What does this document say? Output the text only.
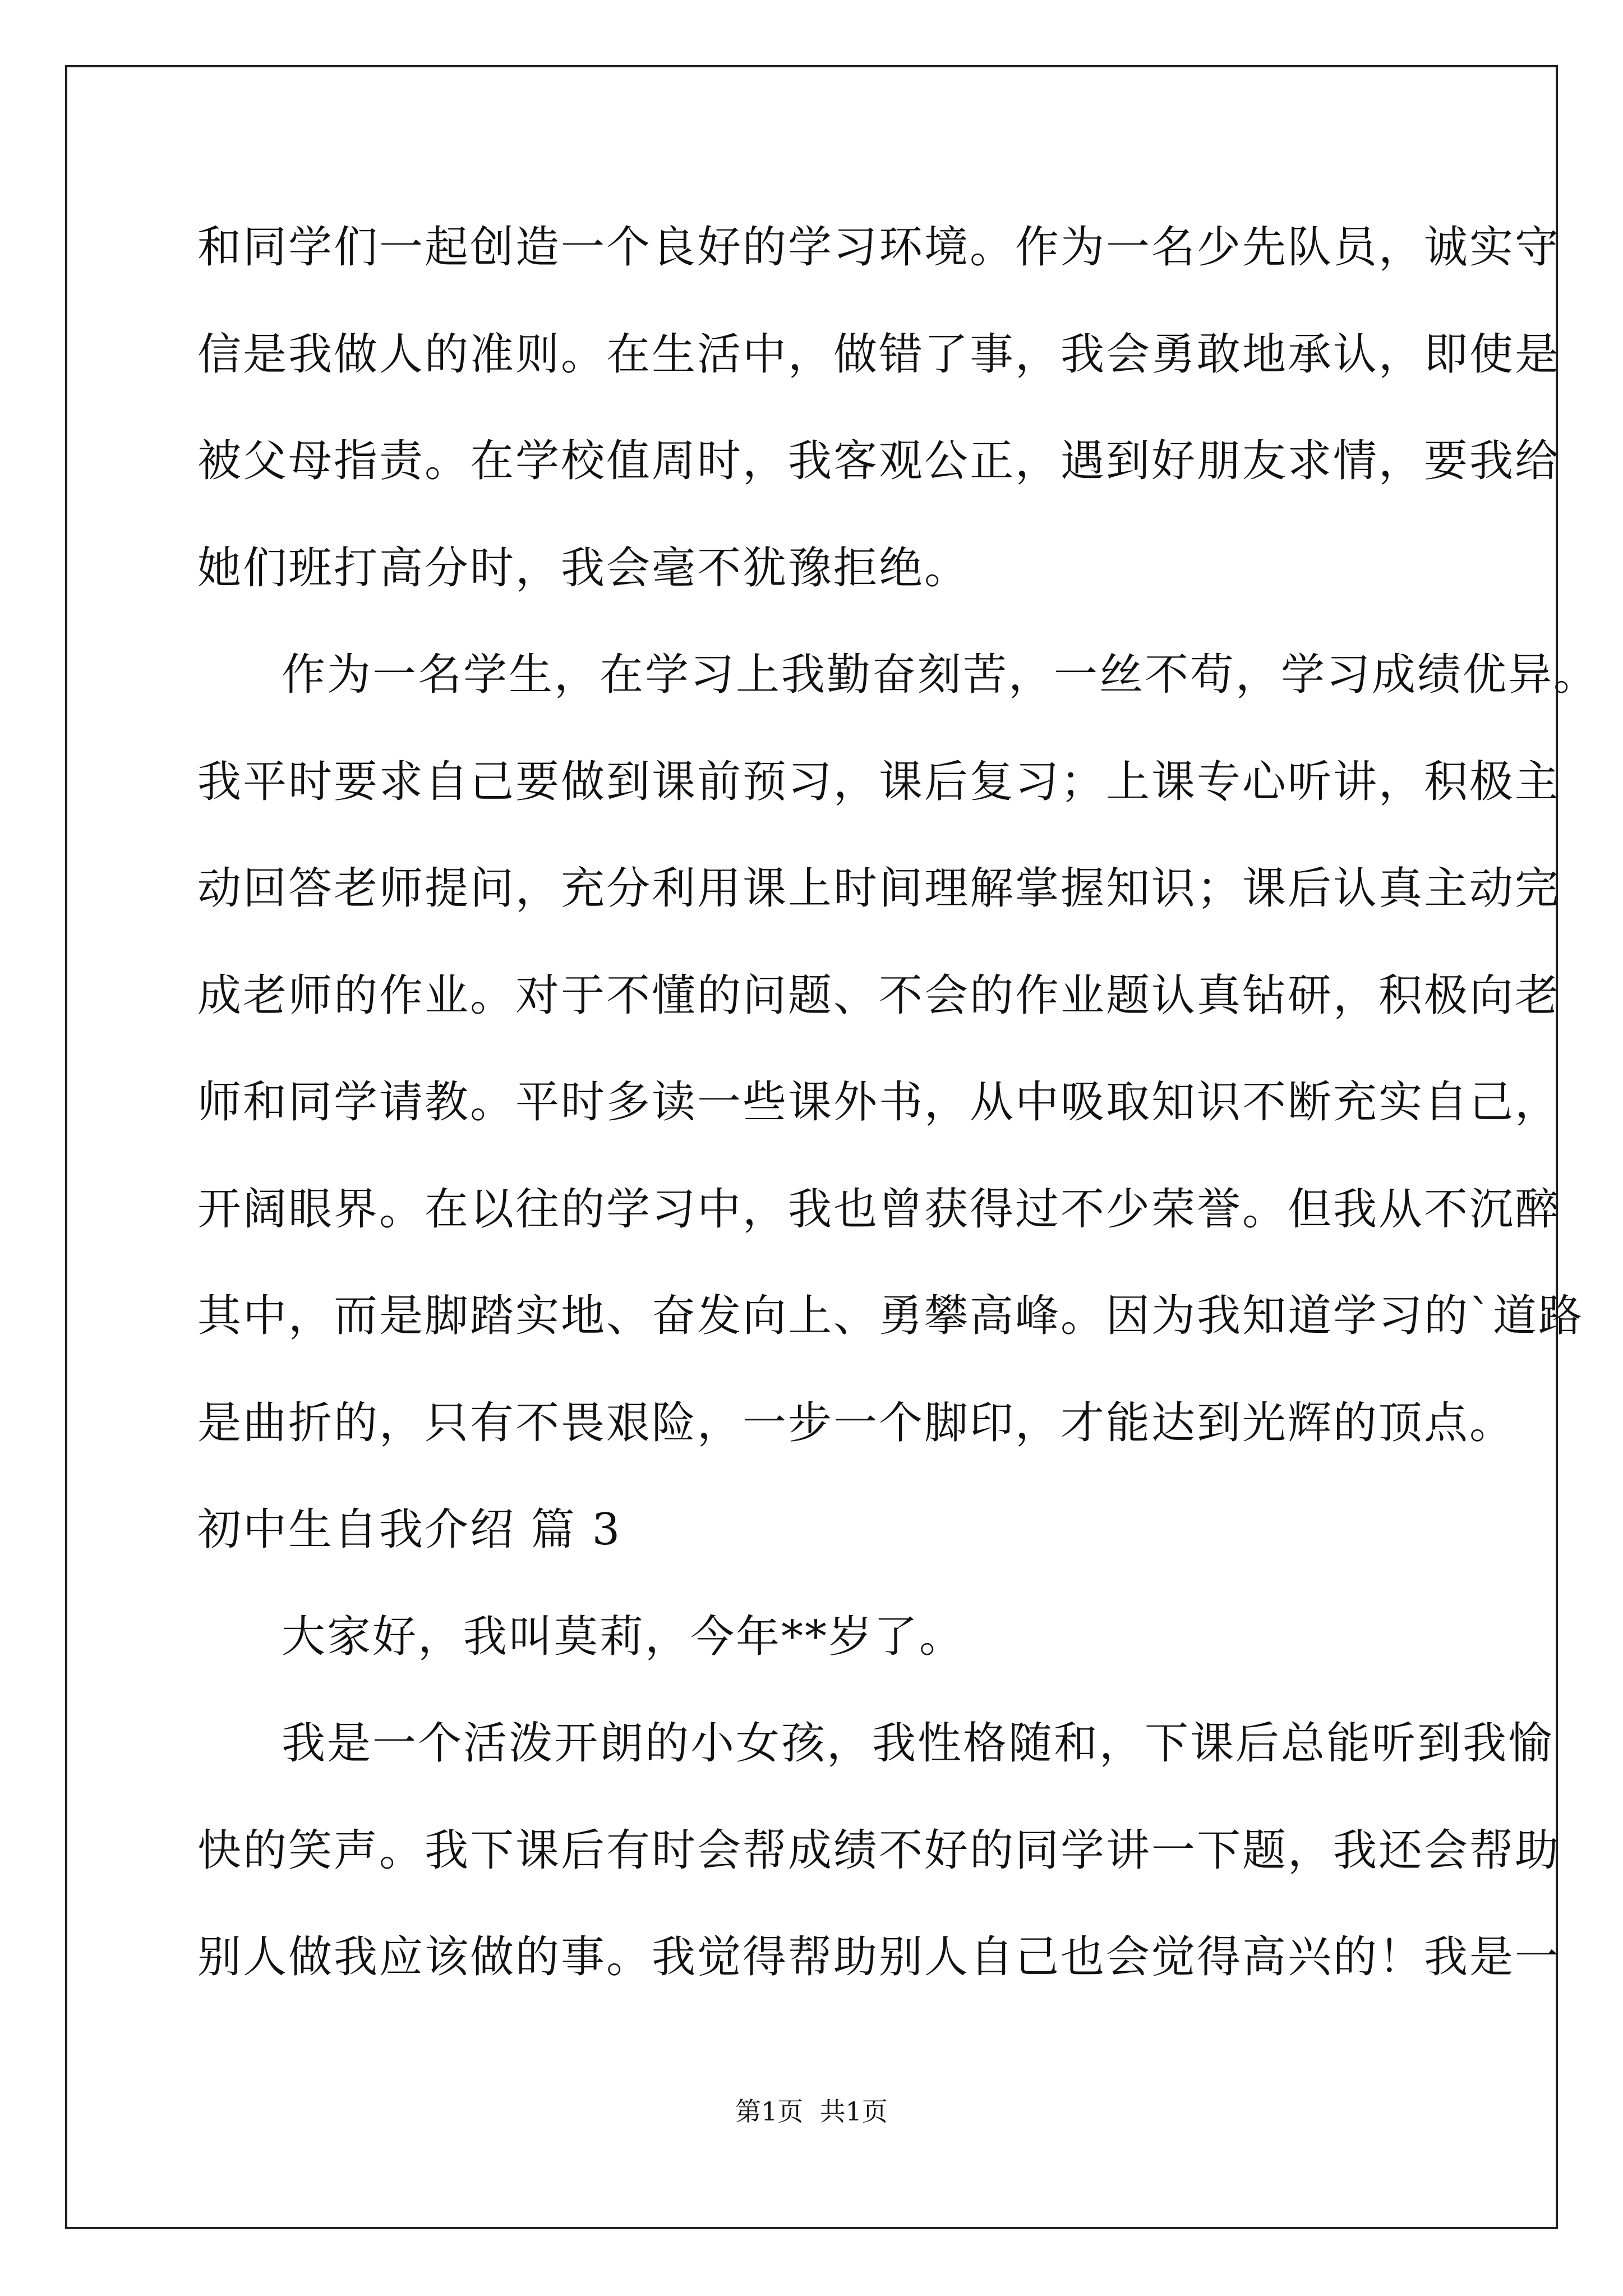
和同学们一起创造一个良好的学习环境。作为一名少先队员，诚实守
信是我做人的准则。在生活中，做错了事，我会勇敢地承认，即使是
被父母指责。在学校值周时，我客观公正，遇到好朋友求情，要我给
她们班打高分时，我会毫不犹豫拒绝。
作为一名学生，在学习上我勤奋刻苦，一丝不苟，学习成绩优异。
我平时要求自己要做到课前预习，课后复习；上课专心听讲，积极主
动回答老师提问，充分利用课上时间理解掌握知识；课后认真主动完
成老师的作业。对于不懂的问题、不会的作业题认真钻研，积极向老
师和同学请教。平时多读一些课外书，从中吸取知识不断充实自己，
开阔眼界。在以往的学习中，我也曾获得过不少荣誉。但我从不沉醉
其中，而是脚踏实地、奋发向上、勇攀高峰。因为我知道学习的`道路
是曲折的，只有不畏艰险，一步一个脚印，才能达到光辉的顶点。
初中生自我介绍 篇 3
大家好，我叫莫莉，今年**岁了。
我是一个活泼开朗的小女孩，我性格随和，下课后总能听到我愉
快的笑声。我下课后有时会帮成绩不好的同学讲一下题，我还会帮助
别人做我应该做的事。我觉得帮助别人自己也会觉得高兴的！我是一
第1页  共1页
